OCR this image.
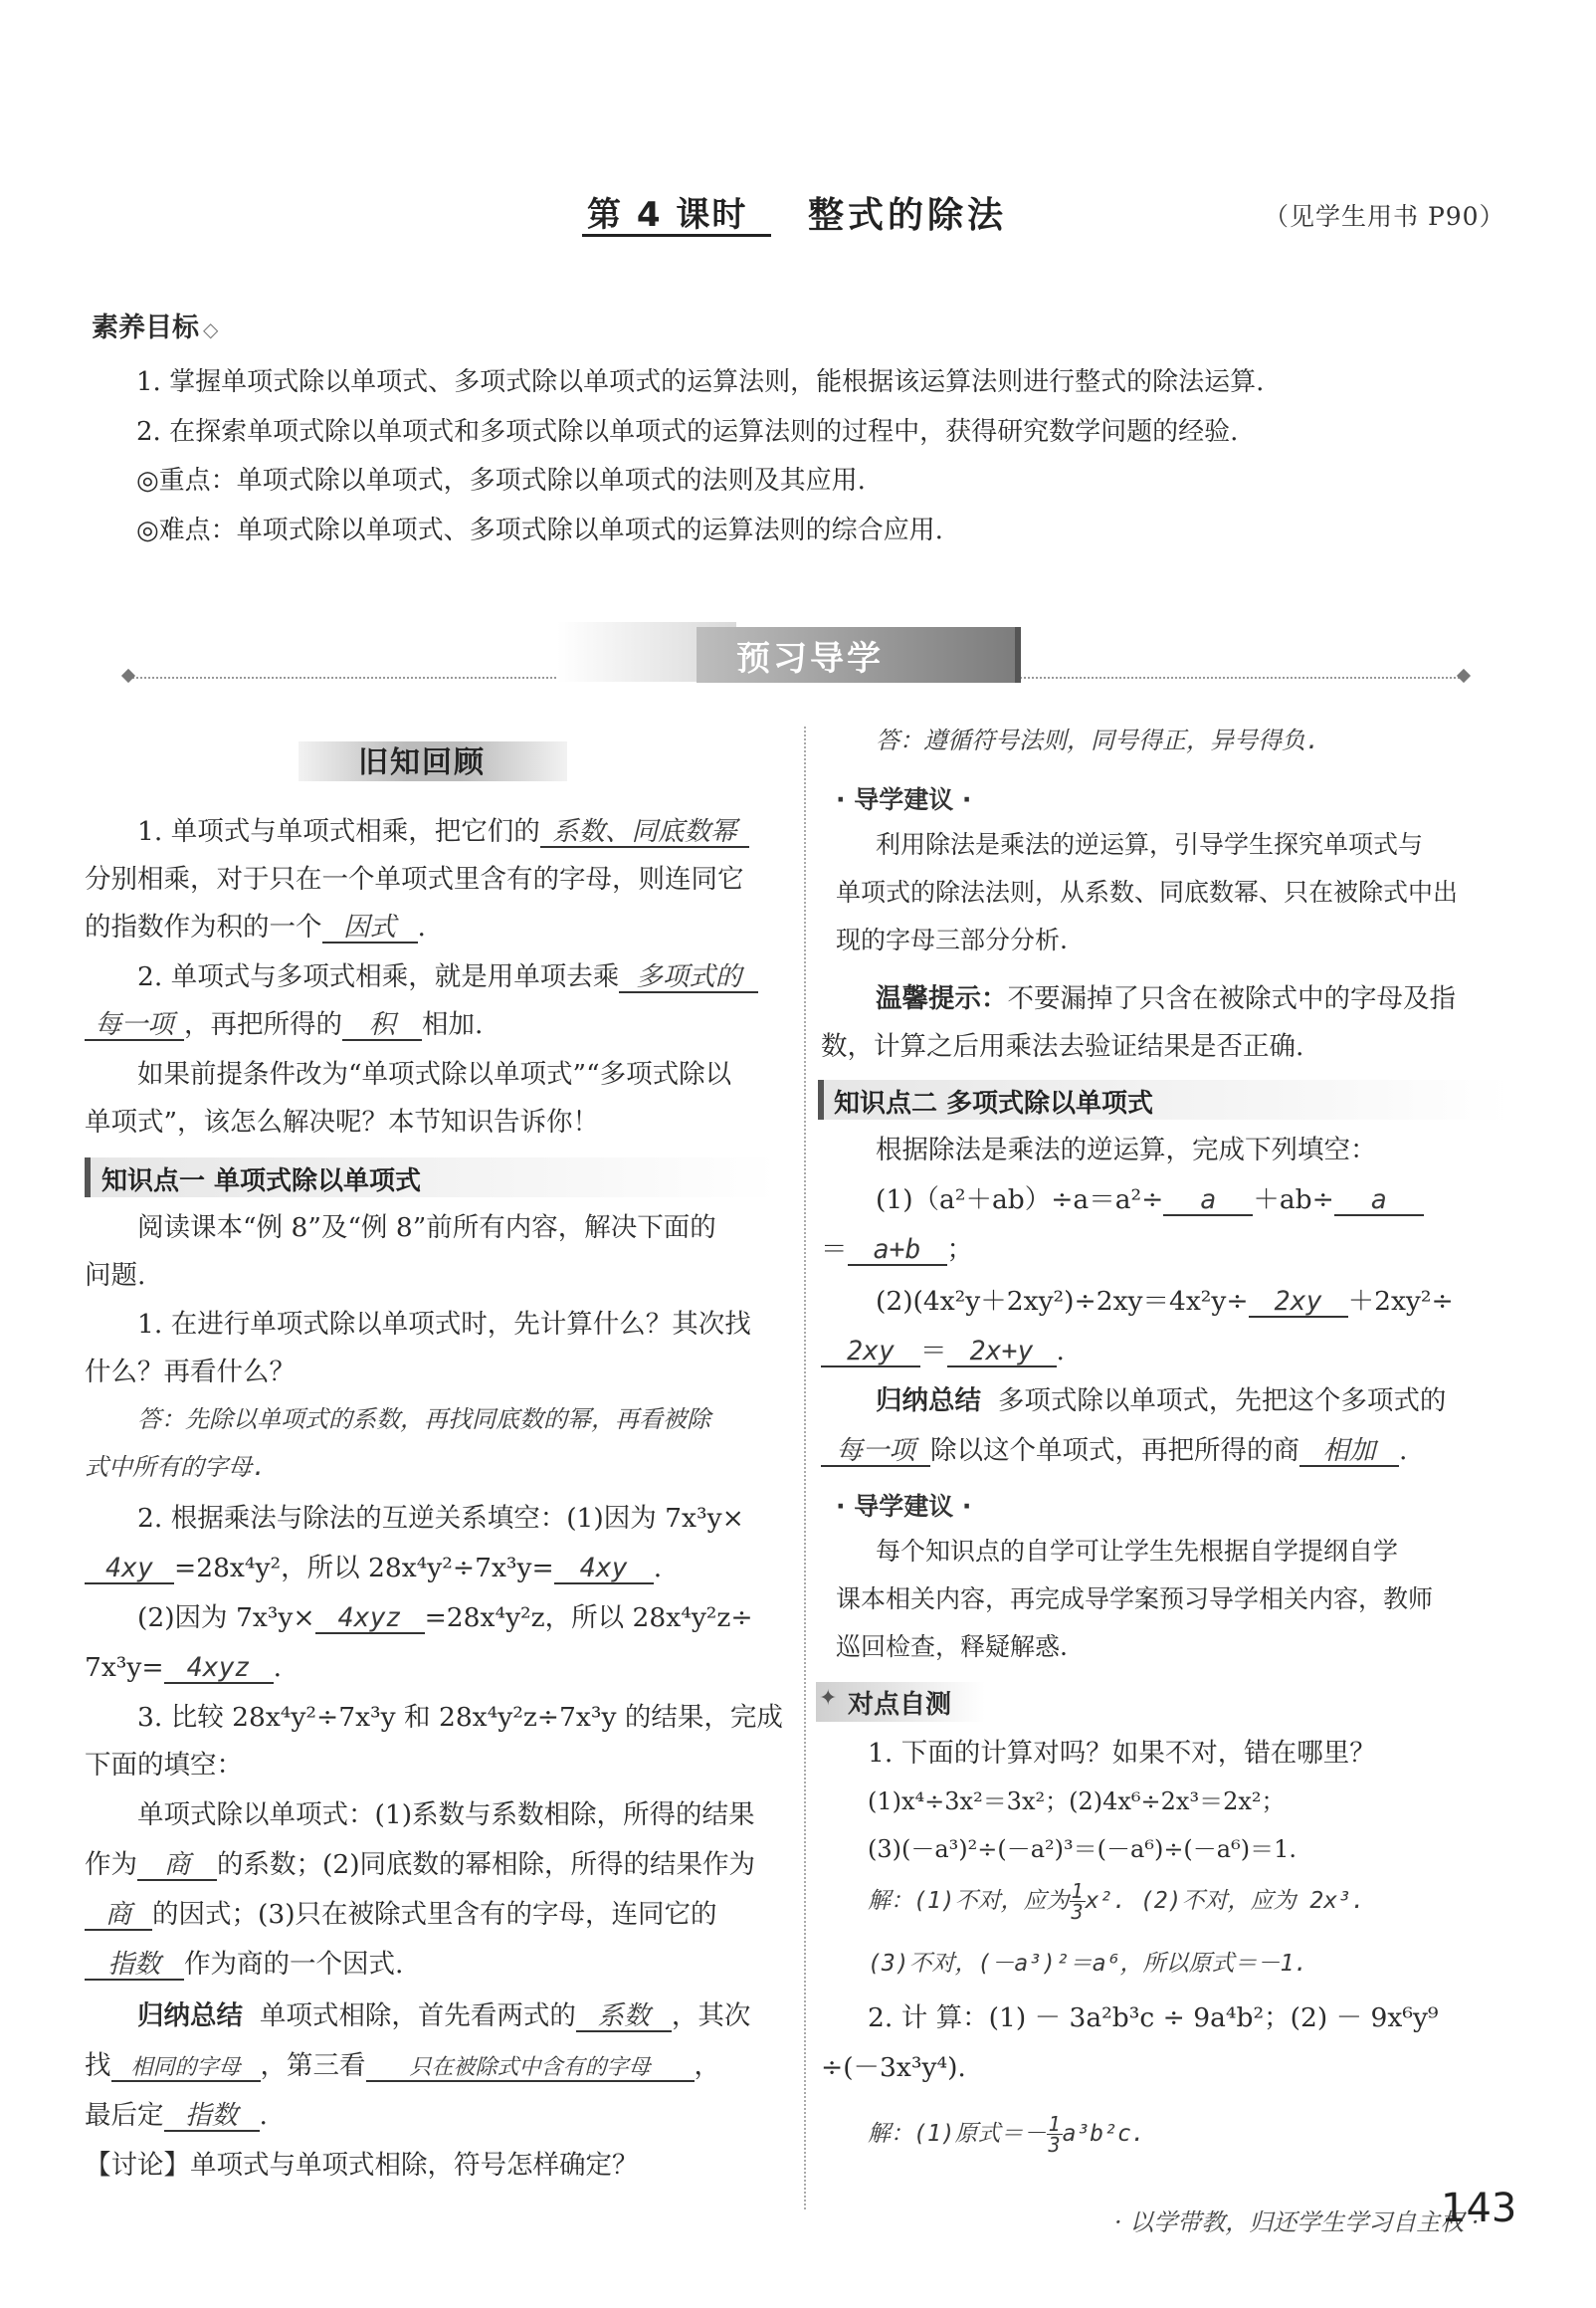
第 4 课时 整式的除法	（见学生用书 P90）
素养目标 ◇
1. 掌握单项式除以单项式、多项式除以单项式的运算法则，能根据该运算法则进行整式的除法运算.
2. 在探索单项式除以单项式和多项式除以单项式的运算法则的过程中，获得研究数学问题的经验.
◎重点：单项式除以单项式，多项式除以单项式的法则及其应用.
◎难点：单项式除以单项式、多项式除以单项式的运算法则的综合应用.
预习导学
旧知回顾
1. 单项式与单项式相乘，把它们的 系数、同底数幂
分别相乘，对于只在一个单项式里含有的字母，则连同它
的指数作为积的一个 因式 .
2. 单项式与多项式相乘，就是用单项去乘 多项式的
每一项 ，再把所得的 积 相加.
如果前提条件改为“单项式除以单项式”“多项式除以
单项式”，该怎么解决呢？本节知识告诉你！
知识点一 单项式除以单项式
阅读课本“例 8”及“例 8”前所有内容，解决下面的
问题.
1. 在进行单项式除以单项式时，先计算什么？其次找
什么？再看什么？
答：先除以单项式的系数，再找同底数的幂，再看被除
式中所有的字母.
2. 根据乘法与除法的互逆关系填空：(1)因为 7x³y×
4xy =28x⁴y²，所以 28x⁴y²÷7x³y= 4xy .
(2)因为 7x³y× 4xyz =28x⁴y²z，所以 28x⁴y²z÷
7x³y= 4xyz .
3. 比较 28x⁴y²÷7x³y 和 28x⁴y²z÷7x³y 的结果，完成
下面的填空：
单项式除以单项式：(1)系数与系数相除，所得的结果
作为 商 的系数；(2)同底数的幂相除，所得的结果作为
商 的因式；(3)只在被除式里含有的字母，连同它的
指数 作为商的一个因式.
归纳总结 单项式相除，首先看两式的 系数 ，其次
找 相同的字母 ，第三看 只在被除式中含有的字母 ，
最后定 指数 .
【讨论】单项式与单项式相除，符号怎样确定？
答：遵循符号法则，同号得正，异号得负.
· 导学建议 ·
利用除法是乘法的逆运算，引导学生探究单项式与
单项式的除法法则，从系数、同底数幂、只在被除式中出
现的字母三部分分析.
温馨提示：不要漏掉了只含在被除式中的字母及指
数，计算之后用乘法去验证结果是否正确.
知识点二 多项式除以单项式
根据除法是乘法的逆运算，完成下列填空：
(1)（a²＋ab）÷a＝a²÷ a ＋ab÷ a
＝ a+b ；
(2)(4x²y＋2xy²)÷2xy＝4x²y÷ 2xy ＋2xy²÷
2xy ＝ 2x+y .
归纳总结 多项式除以单项式，先把这个多项式的
每一项 除以这个单项式，再把所得的商 相加 .
· 导学建议 ·
每个知识点的自学可让学生先根据自学提纲自学
课本相关内容，再完成导学案预习导学相关内容，教师
巡回检查，释疑解惑.
✦ 对点自测
1. 下面的计算对吗？如果不对，错在哪里？
(1)x⁴÷3x²＝3x²；(2)4x⁶÷2x³＝2x²；
(3)(－a³)²÷(－a²)³＝(－a⁶)÷(－a⁶)＝1.
解：(1)不对，应为 $\frac{1}{3} x^2$. (2)不对，应为 2x³.
(3)不对，(－a³)²＝a⁶，所以原式＝－1.
2. 计 算：(1) － 3a²b³c ÷ 9a⁴b²；(2) － 9x⁶y⁹
÷(－3x³y⁴).
解：(1)原式＝－ $\frac{1}{3} a^3b^2c$.
· 以学带教，归还学生学习自主权 ·
143
